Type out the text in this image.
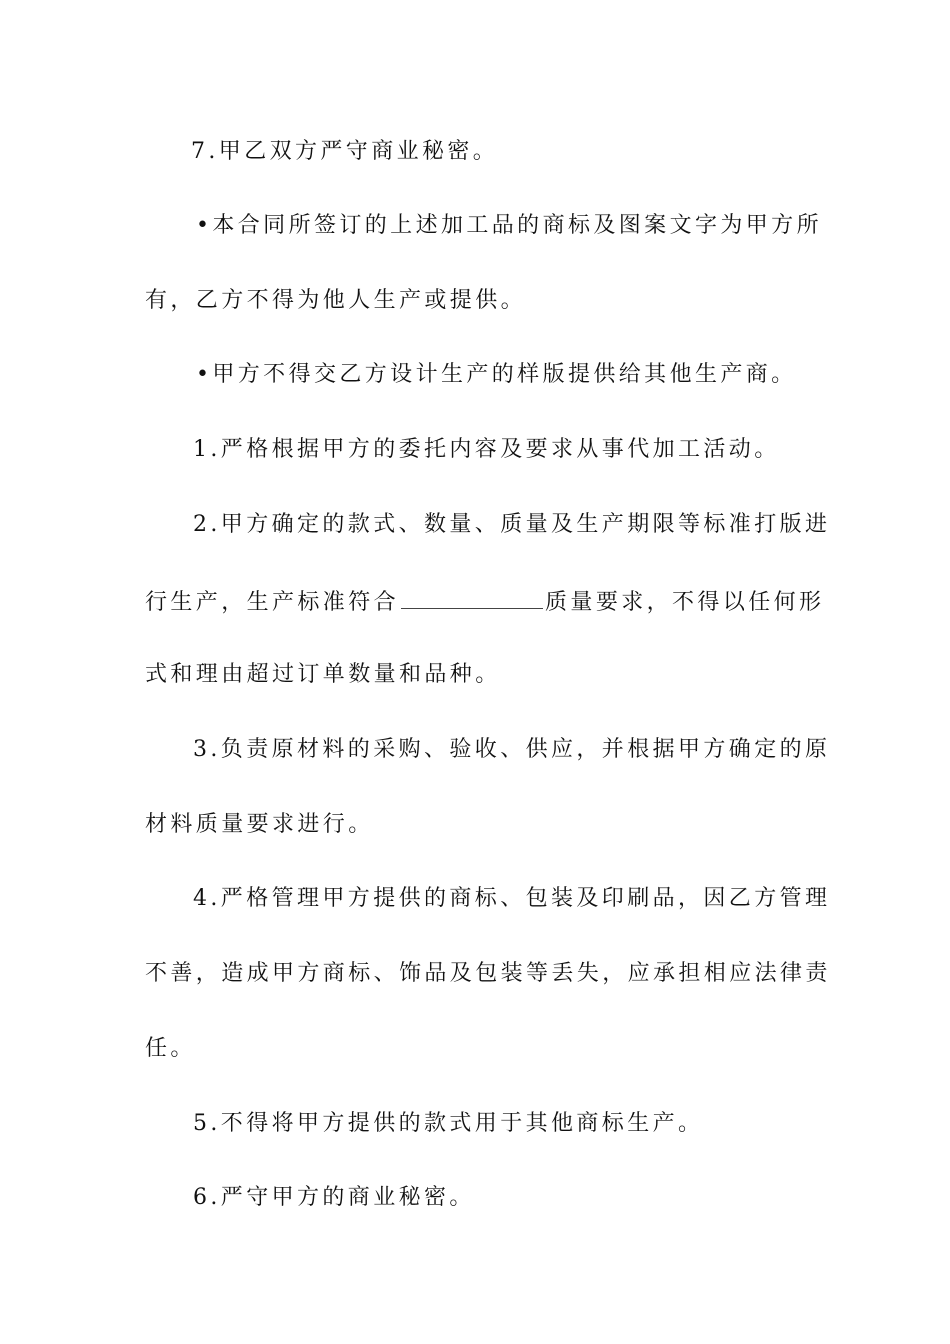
7.甲乙双方严守商业秘密。
•本合同所签订的上述加工品的商标及图案文字为甲方所
有，乙方不得为他人生产或提供。
•甲方不得交乙方设计生产的样版提供给其他生产商。
1.严格根据甲方的委托内容及要求从事代加工活动。
2.甲方确定的款式、数量、质量及生产期限等标准打版进
行生产，生产标准符合	质量要求，不得以任何形
式和理由超过订单数量和品种。
3.负责原材料的采购、验收、供应，并根据甲方确定的原
材料质量要求进行。
4.严格管理甲方提供的商标、包装及印刷品，因乙方管理
不善，造成甲方商标、饰品及包装等丢失，应承担相应法律责
任。
5.不得将甲方提供的款式用于其他商标生产。
6.严守甲方的商业秘密。
